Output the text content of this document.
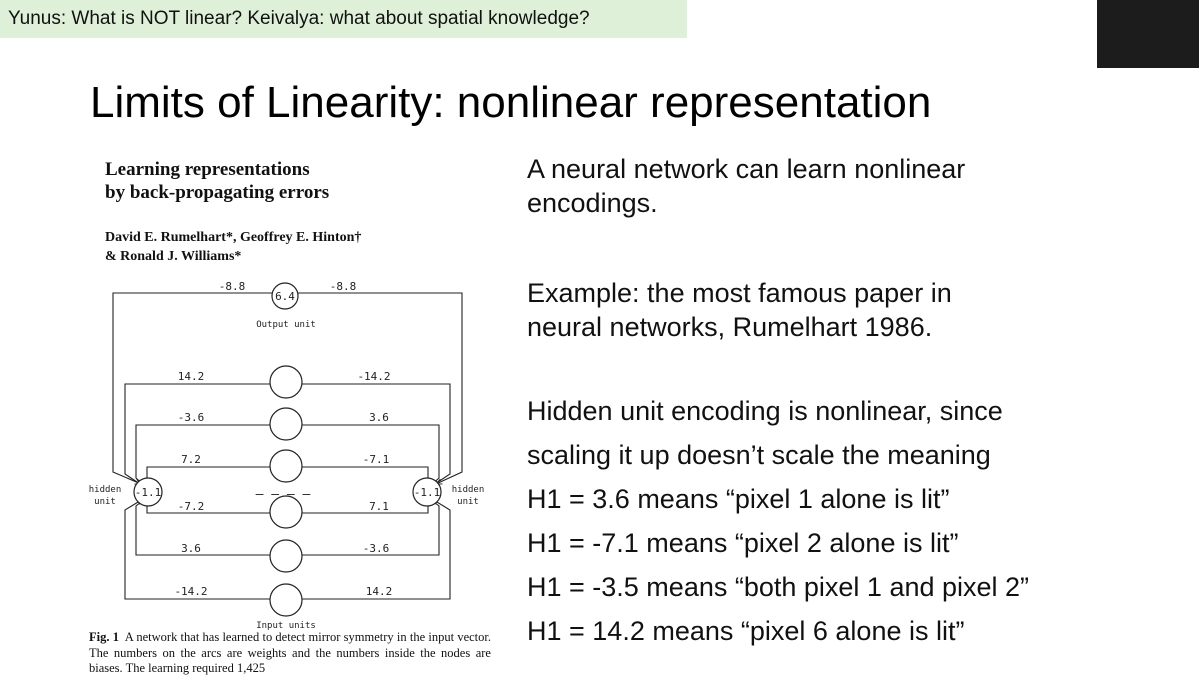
Yunus: What is NOT linear? Keivalya: what about spatial knowledge?
Limits of Linearity: nonlinear representation
Learning representations
by back-propagating errors
David E. Rumelhart*, Geoffrey E. Hinton†
& Ronald J. Williams*
Fig. 1 A network that has learned to detect mirror symmetry in the input vector. The numbers on the arcs are weights and the numbers inside the nodes are biases. The learning required 1,425
6.4
Output unit
-8.8	-8.8
14.2
-3.6
7.2
-7.2
3.6
-14.2
-14.2
3.6
-7.1
7.1
-3.6
14.2
-1.1	-1.1
hidden
unit
hidden
unit
— — — —
Input units
A neural network can learn nonlinear
encodings.
Example: the most famous paper in
neural networks, Rumelhart 1986.
Hidden unit encoding is nonlinear, since
scaling it up doesn’t scale the meaning
H1 = 3.6 means “pixel 1 alone is lit”
H1 = -7.1 means “pixel 2 alone is lit”
H1 = -3.5 means “both pixel 1 and pixel 2”
H1 = 14.2 means “pixel 6 alone is lit”
